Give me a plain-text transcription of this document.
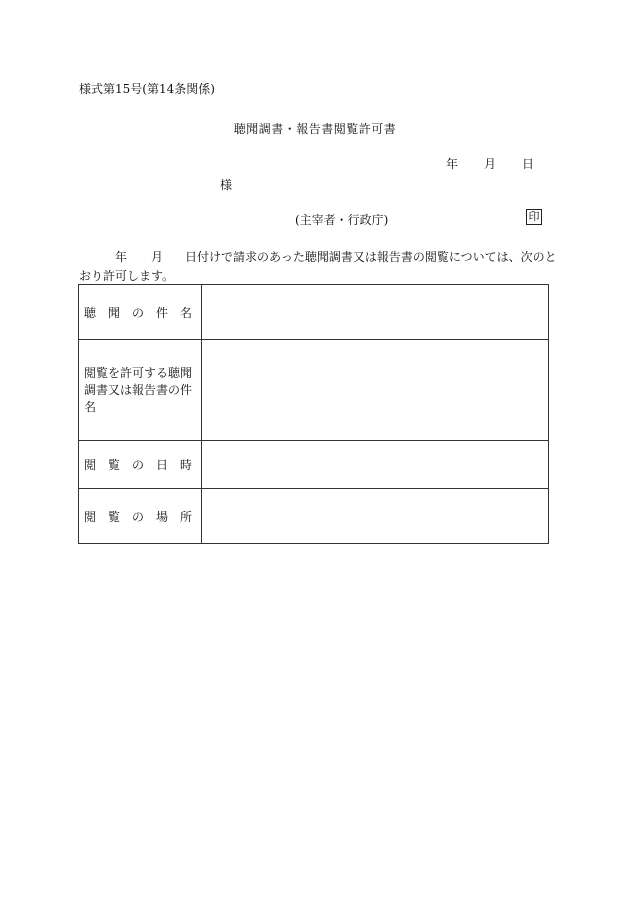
様式第15号(第14条関係)
聴聞調書・報告書閲覧許可書
年 月 日
様
(主宰者・行政庁)	印
年 月 日付けで請求のあった聴聞調書又は報告書の閲覧については、次のと
おり許可します。
聴 聞 の 件 名	

閲覧を許可する聴聞調書又は報告書の件名	

閲 覧 の 日 時	

閲 覧 の 場 所	
